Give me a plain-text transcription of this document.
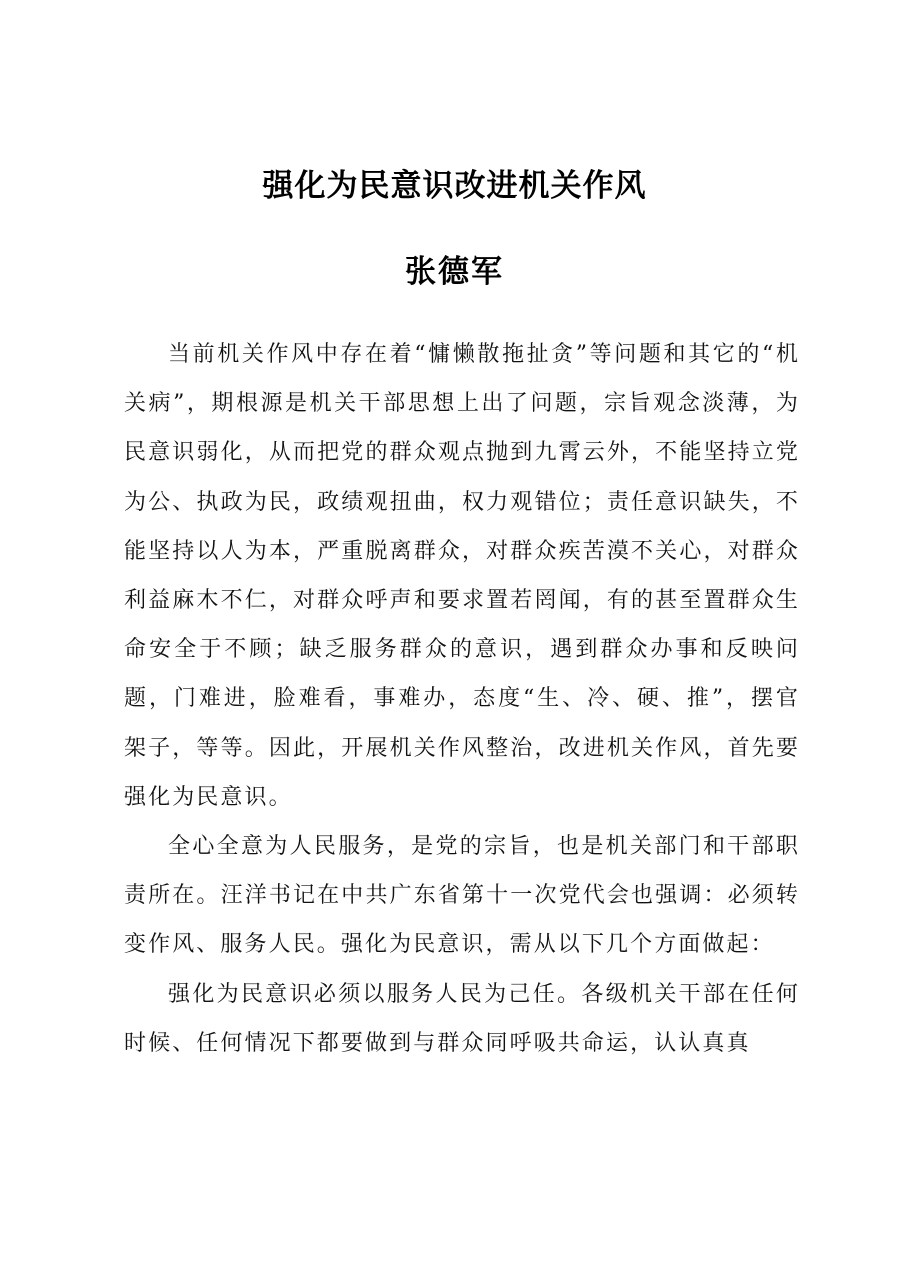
强化为民意识改进机关作风
张德军

当前机关作风中存在着“慵懒散拖扯贪”等问题和其它的“机关病”，期根源是机关干部思想上出了问题，宗旨观念淡薄，为民意识弱化，从而把党的群众观点抛到九霄云外，不能坚持立党为公、执政为民，政绩观扭曲，权力观错位；责任意识缺失，不能坚持以人为本，严重脱离群众，对群众疾苦漠不关心，对群众利益麻木不仁，对群众呼声和要求置若罔闻，有的甚至置群众生命安全于不顾；缺乏服务群众的意识，遇到群众办事和反映问题，门难进，脸难看，事难办，态度“生、冷、硬、推”，摆官架子，等等。因此，开展机关作风整治，改进机关作风，首先要强化为民意识。

全心全意为人民服务，是党的宗旨，也是机关部门和干部职责所在。汪洋书记在中共广东省第十一次党代会也强调：必须转变作风、服务人民。强化为民意识，需从以下几个方面做起：

强化为民意识必须以服务人民为己任。各级机关干部在任何时候、任何情况下都要做到与群众同呼吸共命运，认认真真
